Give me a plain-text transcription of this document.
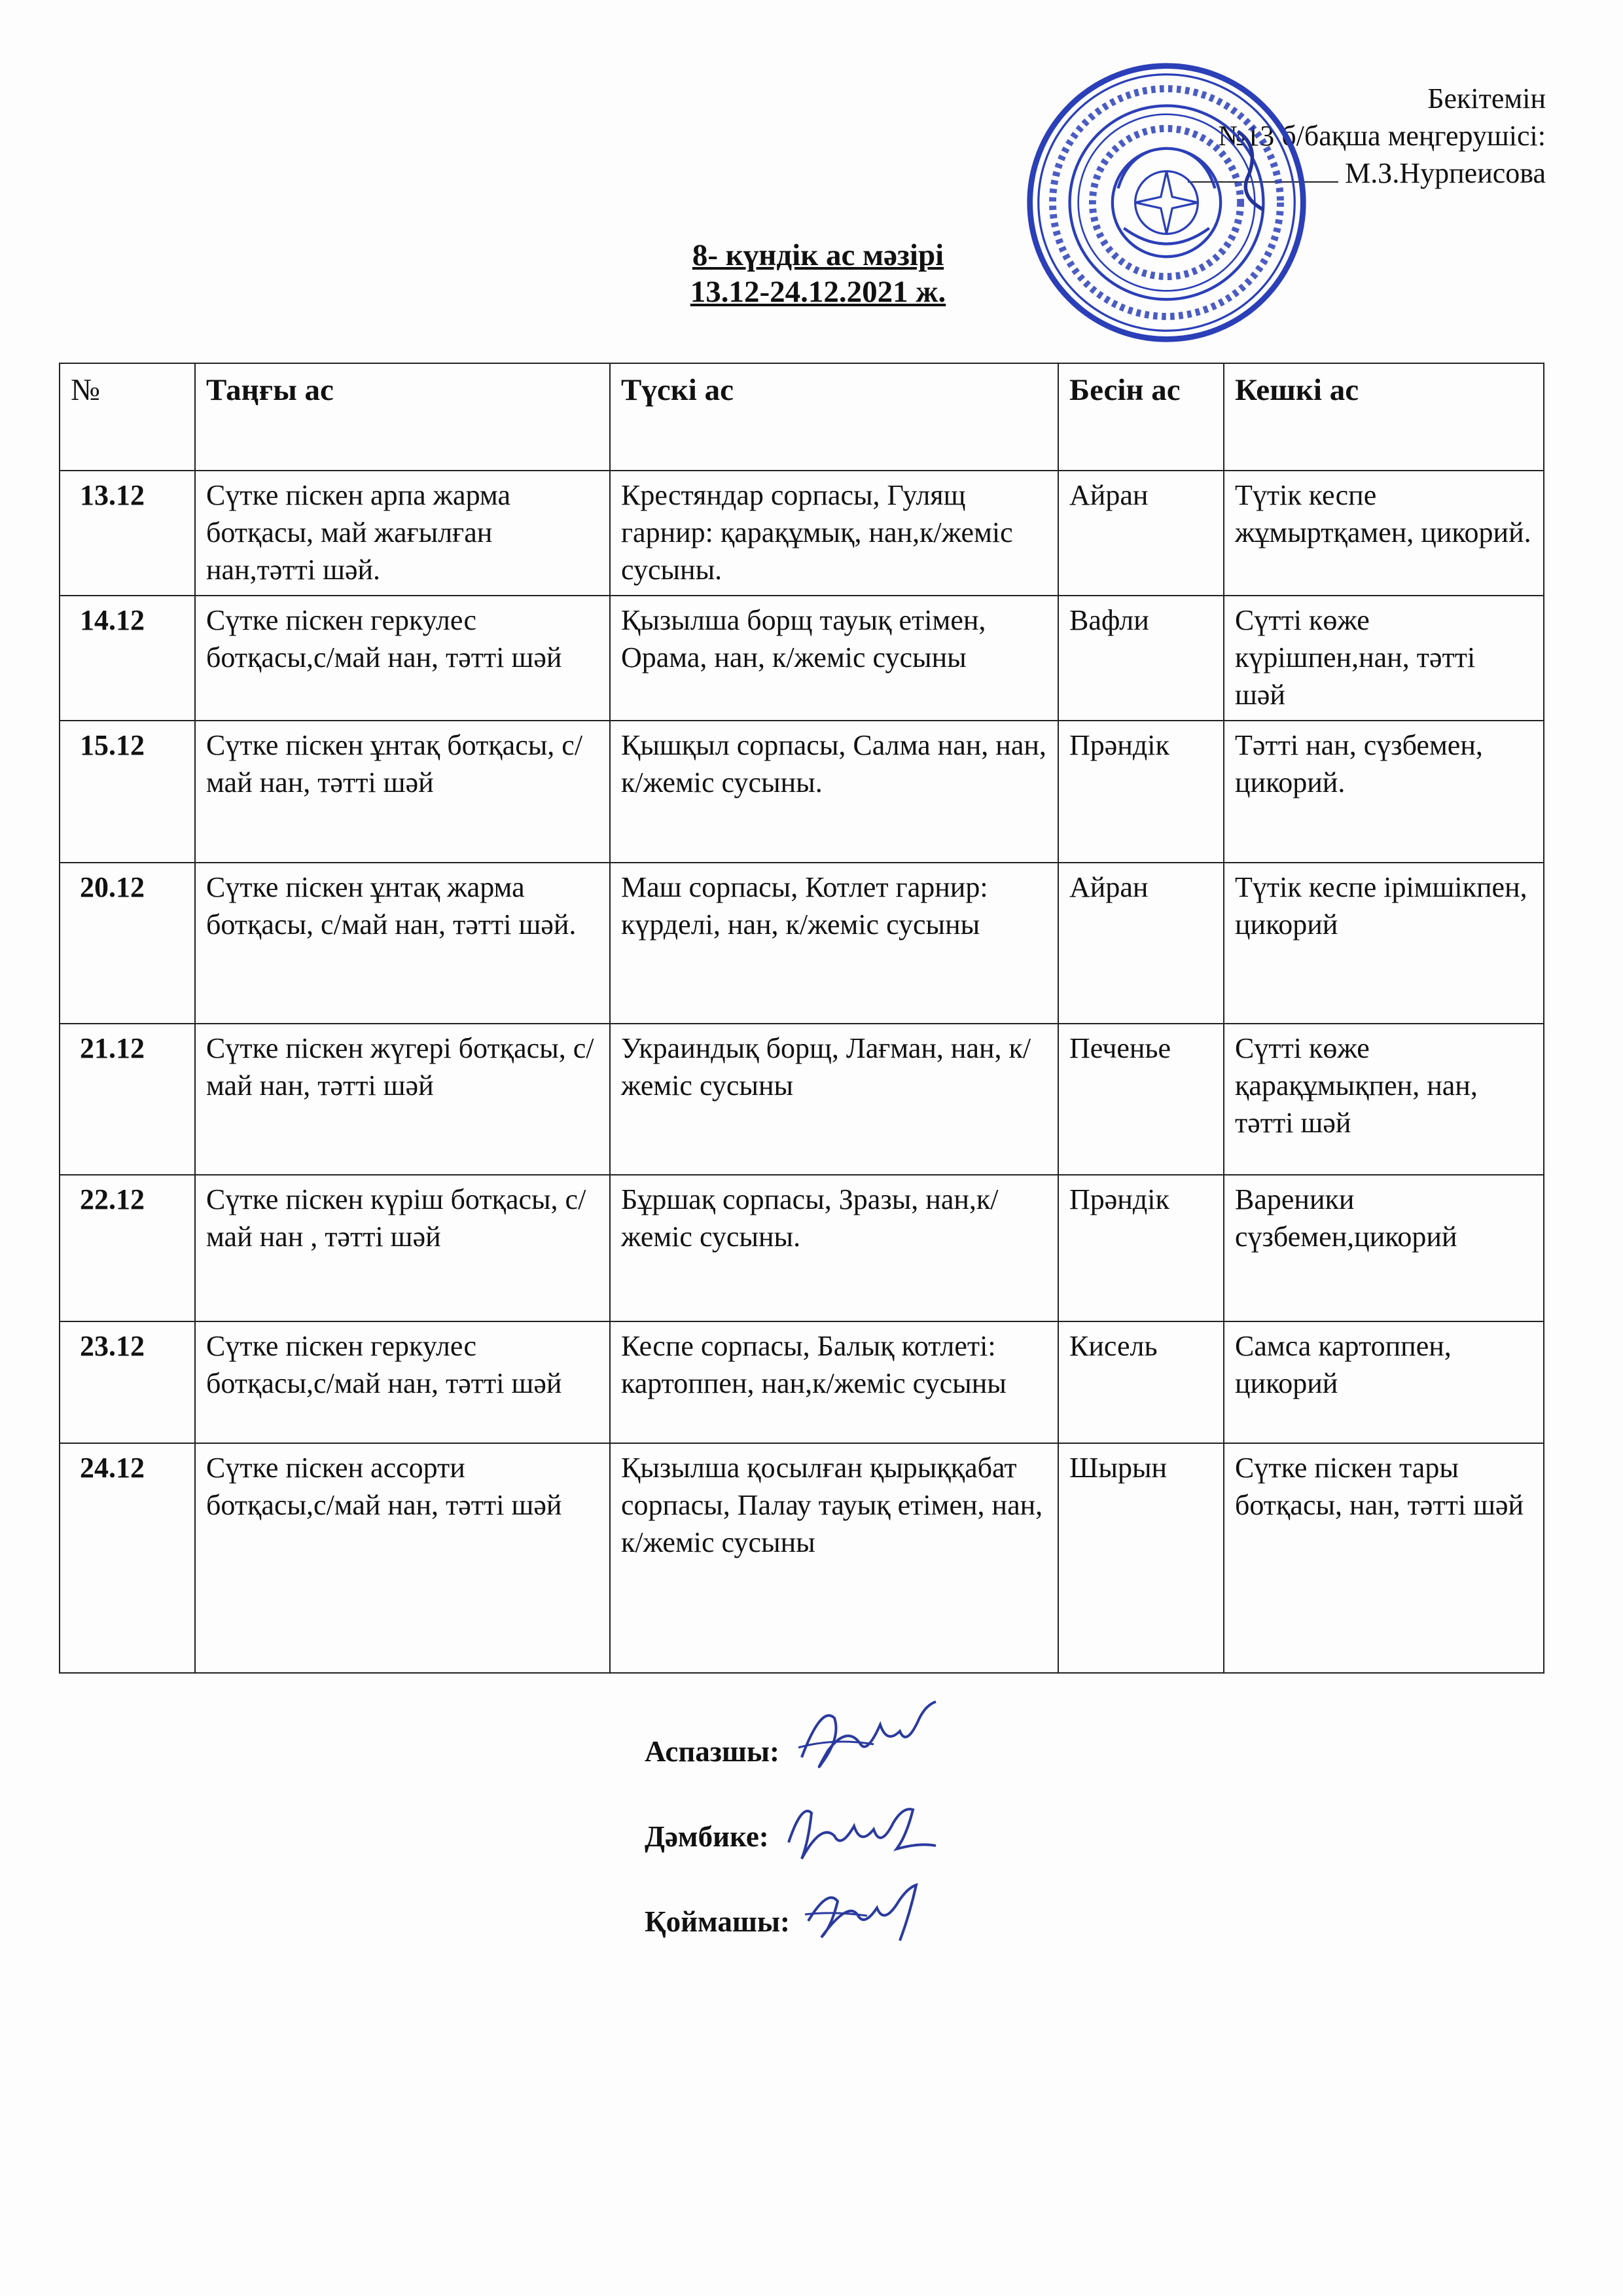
Бекітемін
№13 б/бақша меңгерушісі:
М.З.Нурпеисова
8- күндік ас мәзірі
13.12-24.12.2021 ж.
№	Таңғы ас	Түскі ас	Бесін ас	Кешкі ас
13.12	Сүтке піскен арпа жарма ботқасы, май жағылған нан,тәтті шәй.	Крестяндар сорпасы, Гулящ гарнир: қарақұмық, нан,к/жеміс сусыны.	Айран	Түтік кеспе жұмыртқамен, цикорий.
14.12	Сүтке піскен геркулес ботқасы,с/май нан, тәтті шәй	Қызылша борщ тауық етімен, Орама, нан, к/жеміс сусыны	Вафли	Сүтті көже күрішпен,нан, тәтті шәй
15.12	Сүтке піскен ұнтақ ботқасы, с/май нан, тәтті шәй	Қышқыл сорпасы, Салма нан, нан, к/жеміс сусыны.	Прәндік	Тәтті нан, сүзбемен, цикорий.
20.12	Сүтке піскен ұнтақ жарма ботқасы, с/май нан, тәтті шәй.	Маш сорпасы, Котлет гарнир: күрделі, нан, к/жеміс сусыны	Айран	Түтік кеспе ірімшікпен, цикорий
21.12	Сүтке піскен жүгері ботқасы, с/май нан, тәтті шәй	Украиндық борщ, Лағман, нан, к/жеміс сусыны	Печенье	Сүтті көже қарақұмықпен, нан, тәтті шәй
22.12	Сүтке піскен күріш ботқасы, с/май нан , тәтті шәй	Бұршақ сорпасы, Зразы, нан,к/жеміс сусыны.	Прәндік	Вареники сүзбемен,цикорий
23.12	Сүтке піскен геркулес ботқасы,с/май нан, тәтті шәй	Кеспе сорпасы, Балық котлеті: картоппен, нан,к/жеміс сусыны	Кисель	Самса картоппен, цикорий
24.12	Сүтке піскен ассорти ботқасы,с/май нан, тәтті шәй	Қызылша қосылған қырыққабат сорпасы, Палау тауық етімен, нан, к/жеміс сусыны	Шырын	Сүтке піскен тары ботқасы, нан, тәтті шәй
Аспазшы:
Дәмбике:
Қоймашы:
